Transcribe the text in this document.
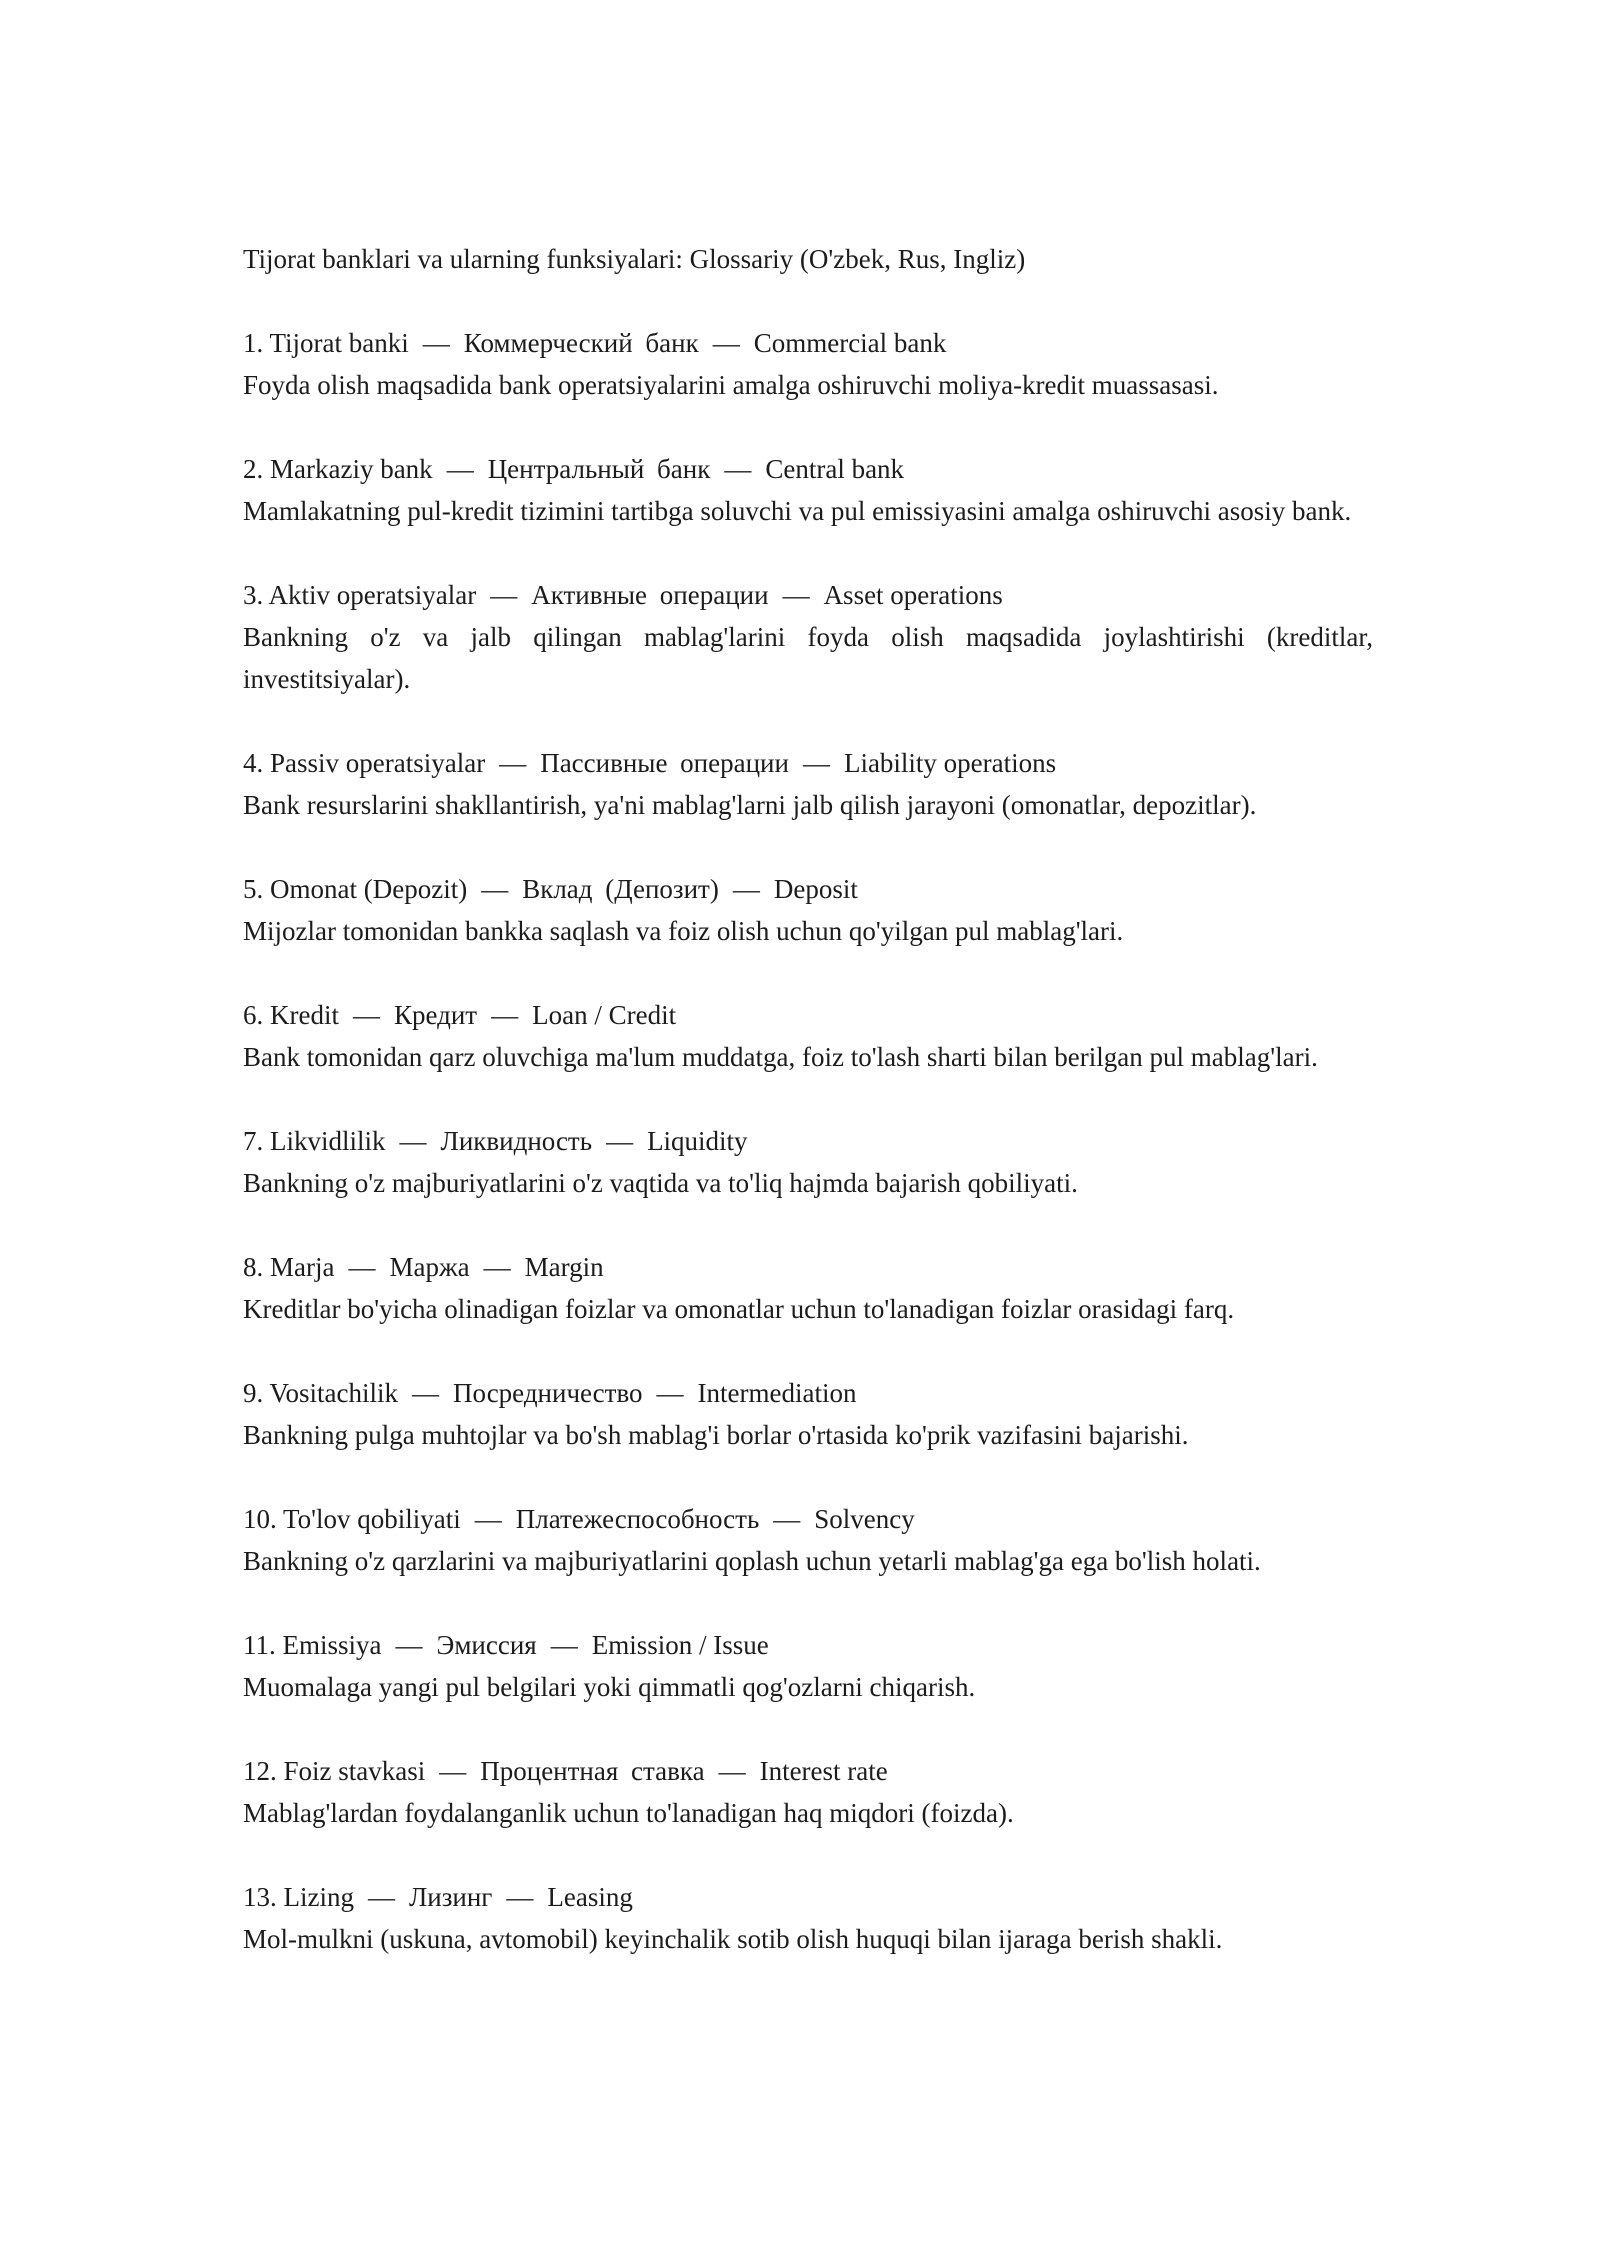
Tijorat banklari va ularning funksiyalari: Glossariy (O'zbek, Rus, Ingliz)

1. Tijorat banki — Коммерческий банк — Commercial bank

Foyda olish maqsadida bank operatsiyalarini amalga oshiruvchi moliya-kredit muassasasi.

2. Markaziy bank — Центральный банк — Central bank

Mamlakatning pul-kredit tizimini tartibga soluvchi va pul emissiyasini amalga oshiruvchi asosiy bank.

3. Aktiv operatsiyalar — Активные операции — Asset operations

Bankning o'z va jalb qilingan mablag'larini foyda olish maqsadida joylashtirishi (kreditlar, investitsiyalar).

4. Passiv operatsiyalar — Пассивные операции — Liability operations

Bank resurslarini shakllantirish, ya'ni mablag'larni jalb qilish jarayoni (omonatlar, depozitlar).

5. Omonat (Depozit) — Вклад (Депозит) — Deposit

Mijozlar tomonidan bankka saqlash va foiz olish uchun qo'yilgan pul mablag'lari.

6. Kredit — Кредит — Loan / Credit

Bank tomonidan qarz oluvchiga ma'lum muddatga, foiz to'lash sharti bilan berilgan pul mablag'lari.

7. Likvidlilik — Ликвидность — Liquidity

Bankning o'z majburiyatlarini o'z vaqtida va to'liq hajmda bajarish qobiliyati.

8. Marja — Маржа — Margin

Kreditlar bo'yicha olinadigan foizlar va omonatlar uchun to'lanadigan foizlar orasidagi farq.

9. Vositachilik — Посредничество — Intermediation

Bankning pulga muhtojlar va bo'sh mablag'i borlar o'rtasida ko'prik vazifasini bajarishi.

10. To'lov qobiliyati — Платежеспособность — Solvency

Bankning o'z qarzlarini va majburiyatlarini qoplash uchun yetarli mablag'ga ega bo'lish holati.

11. Emissiya — Эмиссия — Emission / Issue

Muomalaga yangi pul belgilari yoki qimmatli qog'ozlarni chiqarish.

12. Foiz stavkasi — Процентная ставка — Interest rate

Mablag'lardan foydalanganlik uchun to'lanadigan haq miqdori (foizda).

13. Lizing — Лизинг — Leasing

Mol-mulkni (uskuna, avtomobil) keyinchalik sotib olish huquqi bilan ijaraga berish shakli.
